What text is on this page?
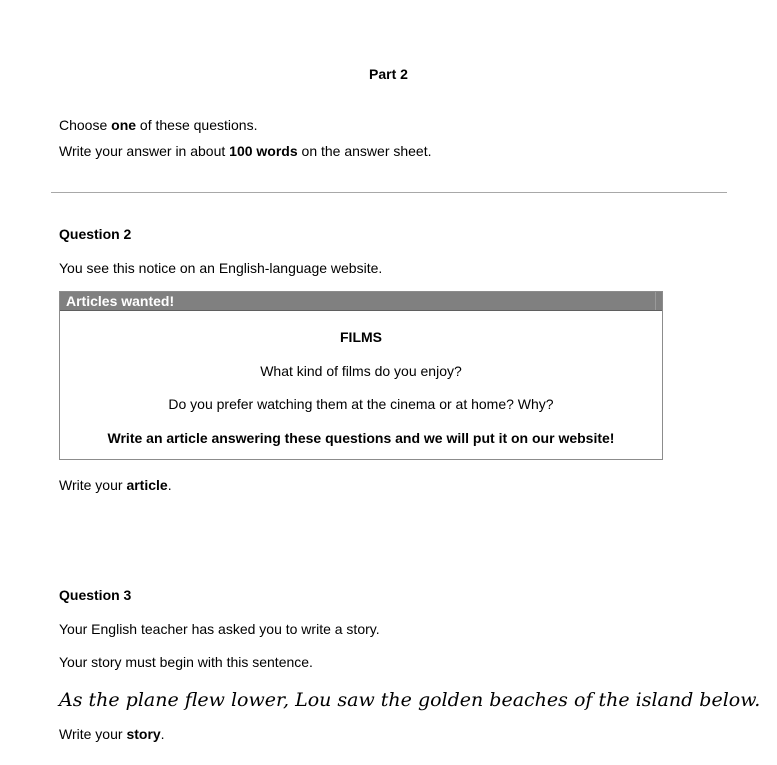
Part 2
Choose one of these questions.
Write your answer in about 100 words on the answer sheet.
Question 2
You see this notice on an English-language website.
Articles wanted!
FILMS
What kind of films do you enjoy?
Do you prefer watching them at the cinema or at home? Why?
Write an article answering these questions and we will put it on our website!
Write your article.
Question 3
Your English teacher has asked you to write a story.
Your story must begin with this sentence.
As the plane flew lower, Lou saw the golden beaches of the island below.
Write your story.
